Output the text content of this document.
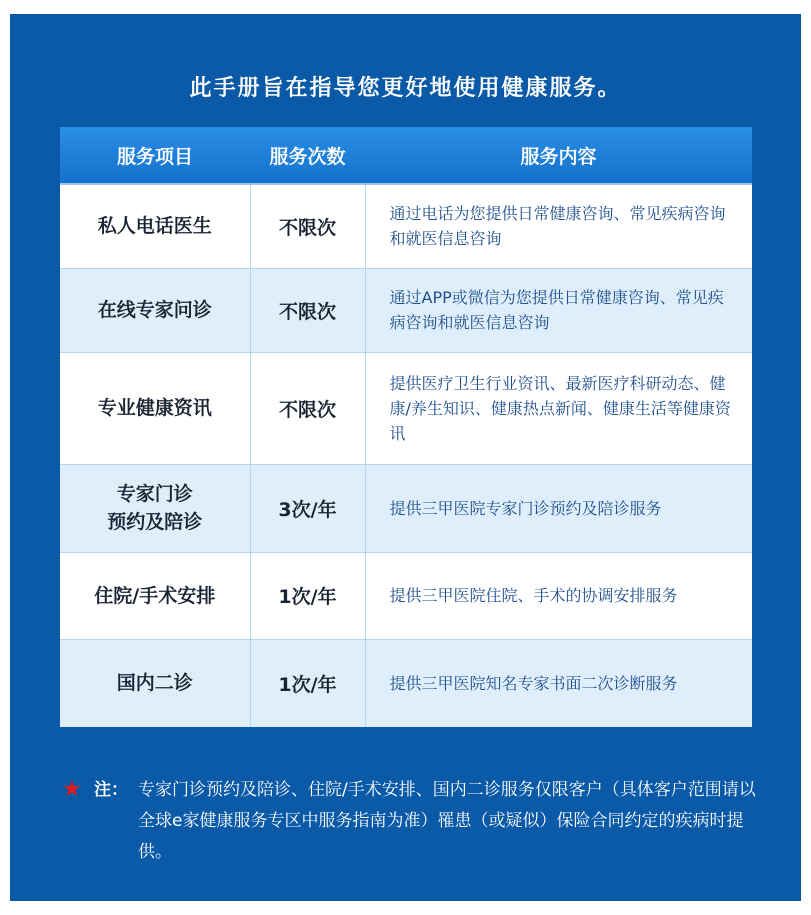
此手册旨在指导您更好地使用健康服务。
服务项目	服务次数	服务内容
私人电话医生	不限次	通过电话为您提供日常健康咨询、常见疾病咨询和就医信息咨询
在线专家问诊	不限次	通过APP或微信为您提供日常健康咨询、常见疾病咨询和就医信息咨询
专业健康资讯	不限次	提供医疗卫生行业资讯、最新医疗科研动态、健康/养生知识、健康热点新闻、健康生活等健康资讯

专家门诊
预约及陪诊	3次/年	提供三甲医院专家门诊预约及陪诊服务
住院/手术安排	1次/年	提供三甲医院住院、手术的协调安排服务
国内二诊	1次/年	提供三甲医院知名专家书面二次诊断服务
★ 注： 专家门诊预约及陪诊、住院/手术安排、国内二诊服务仅限客户（具体客户范围请以全球e家健康服务专区中服务指南为准）罹患（或疑似）保险合同约定的疾病时提供。
